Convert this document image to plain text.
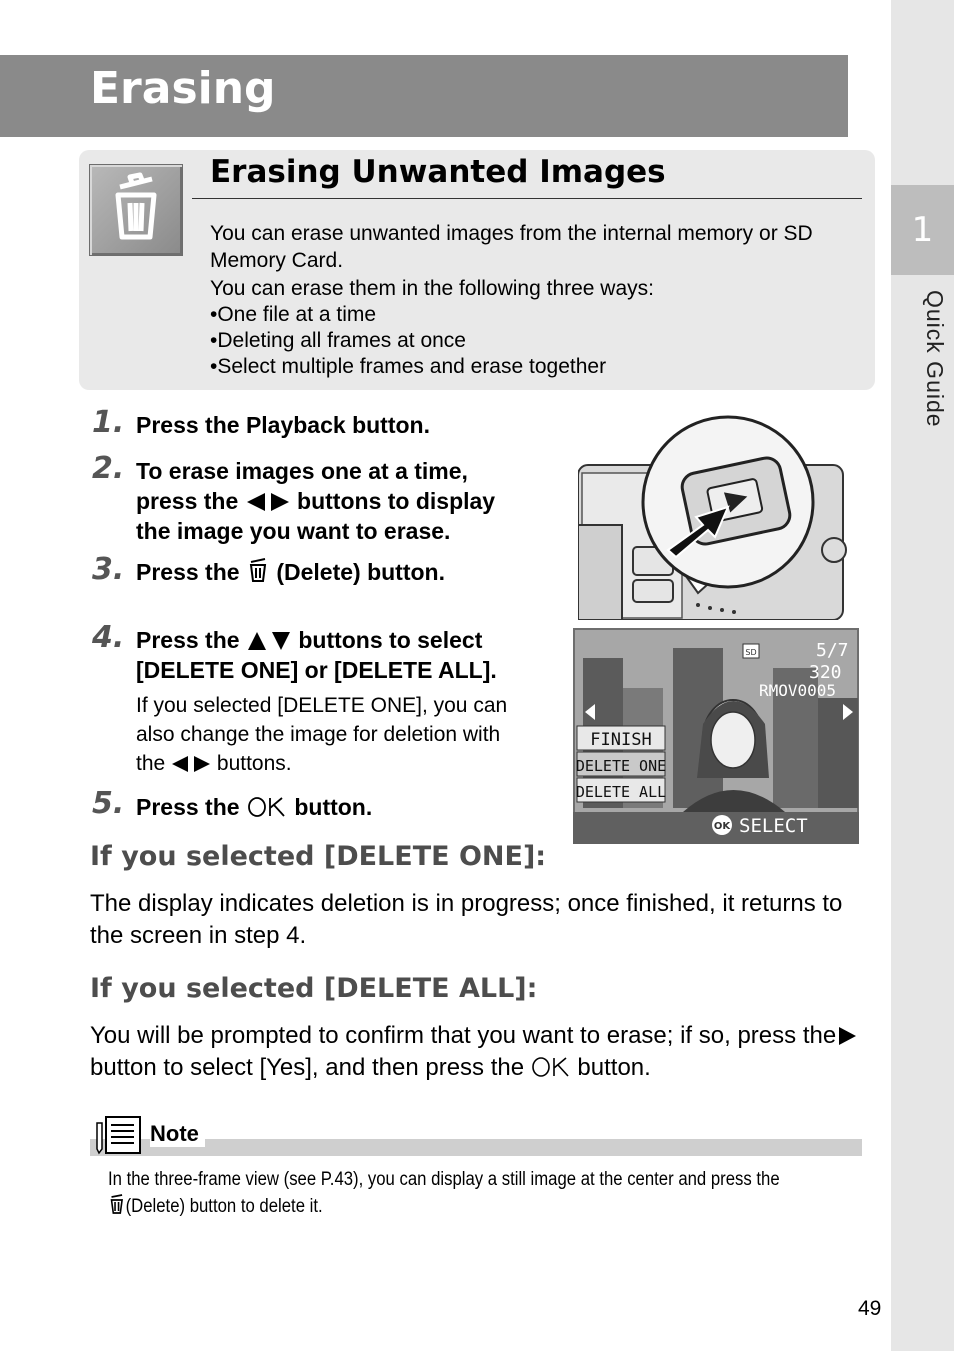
1
Quick Guide
Erasing
Erasing Unwanted Images

You can erase unwanted images from the internal memory or SD Memory Card.

You can erase them in the following three ways:

•One file at a time

•Deleting all frames at once

•Select multiple frames and erase together

1. Press the Playback button.
2. To erase images one at a time,
press the	buttons to display
the image you want to erase.
3. Press the (Delete) button.
4. Press the	buttons to select
[DELETE ONE] or [DELETE ALL].
If you selected [DELETE ONE], you can
also change the image for deletion with
the buttons.
5. Press the button.
OK SELECT
SD	5/7
320
RMOV0005
FINISH
DELETE ONE
DELETE ALL
If you selected [DELETE ONE]:
The display indicates deletion is in progress; once finished, it returns to the screen in step 4.
If you selected [DELETE ALL]:
You will be prompted to confirm that you want to erase; if so, press thebutton to select [Yes], and then press the button.
Note
In the three-frame view (see P.43), you can display a still image at the center and press the
(Delete) button to delete it.
49
